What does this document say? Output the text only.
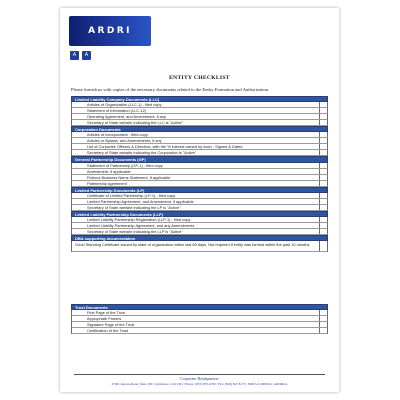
ARDRI
A	A
ENTITY CHECKLIST
Please furnish us with copies of the necessary documents related to the Entity Formation and Authorization.
Limited Liability Company Documents (LLC)
Articles of Organization (LLC-1) - filed copy
Statement of Information (LLC-12)
Operating Agreement, and Amendment, if any
Secretary of State website indicating the LLC is "Active"
Corporation Documents
Articles of Incorporation - filed copy
Articles or Bylaws, and Amendments, if any
List of Corporate Officers & Directors, with the % interest owned by each - Signed & Dated
Secretary of State website indicating the Corporation is "Active"
General Partnership Documents (GP)
Statement of Partnership (GP-1) - filed copy
Amendment, if applicable
Fictious Business Name Statement, if applicable
Partnership Agreement
Limited Partnership Documents (LP)
Certificate of Limited Partnership (LP-1) - filed copy
Limited Partnership Agreement, and Amendment, if applicable
Secretary of State website indicating the LP is "Active"
Limited Liability Partnership Documents (LLP)
Limited Liability Partnership Registration (LLP-1) - filed copy
Limited Liability Partnership Agreement, and any Amendments
Secretary of State website indicating the LLP is "Active"
DBA supporting documentation
Good Standing Certificate issued by state of organization within last 60 days. Not required if entity was formed within the past 10 months
Trust Documents
First Page of the Trust
Appropriate Powers
Signature Page of the Trust
Certification of the Trust
Corporate Headquarters
27001 Agoura Road, Suite 100 | Calabasas, CA 91301 | Phone: (855) 855-6760 | Fax: (818) 847-8175 | NMLS # 2069254 | ARDRI.io
